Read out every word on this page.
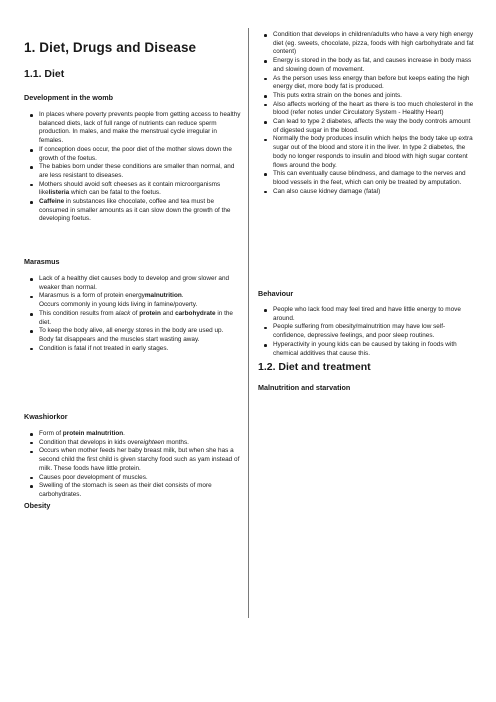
1. Diet, Drugs and Disease
1.1. Diet
Development in the womb
In places where poverty prevents people from getting access to healthy balanced diets, lack of full range of nutrients can reduce sperm production. In males, and make the menstrual cycle irregular in females.
If conception does occur, the poor diet of the mother slows down the growth of the foetus.
The babies born under these conditions are smaller than normal, and are less resistant to diseases.
Mothers should avoid soft cheeses as it contain microorganisms likelisteria which can be fatal to the foetus.
Caffeine in substances like chocolate, coffee and tea must be consumed in smaller amounts as it can slow down the growth of the developing foetus.
Marasmus
Lack of a healthy diet causes body to develop and grow slower and weaker than normal.
Marasmus is a form of protein energymalnutrition.
Occurs commonly in young kids living in famine/poverty.
This condition results from alack of protein and carbohydrate in the diet.
To keep the body alive, all energy stores in the body are used up.
Body fat disappears and the muscles start wasting away.
Condition is fatal if not treated in early stages.
Kwashiorkor
Form of protein malnutrition.
Condition that develops in kids overeighteen months.
Occurs when mother feeds her baby breast milk, but when she has a second child the first child is given starchy food such as yam instead of milk. These foods have little protein.
Causes poor development of muscles.
Swelling of the stomach is seen as their diet consists of more carbohydrates.
Obesity
Condition that develops in children/adults who have a very high energy diet (eg. sweets, chocolate, pizza, foods with high carbohydrate and fat content)
Energy is stored in the body as fat, and causes increase in body mass and slowing down of movement.
As the person uses less energy than before but keeps eating the high energy diet, more body fat is produced.
This puts extra strain on the bones and joints.
Also affects working of the heart as there is too much cholesterol in the blood (refer notes under Circulatory System - Healthy Heart)
Can lead to type 2 diabetes, affects the way the body controls amount of digested sugar in the blood.
Normally the body produces insulin which helps the body take up extra sugar out of the blood and store it in the liver. In type 2 diabetes, the body no longer responds to insulin and blood with high sugar content flows around the body.
This can eventually cause blindness, and damage to the nerves and blood vessels in the feet, which can only be treated by amputation.
Can also cause kidney damage (fatal)
Behaviour
People who lack food may feel tired and have little energy to move around.
People suffering from obesity/malnutrition may have low self-confidence, depressive feelings, and poor sleep routines.
Hyperactivity in young kids can be caused by taking in foods with chemical additives that cause this.
1.2. Diet and treatment
Malnutrition and starvation
